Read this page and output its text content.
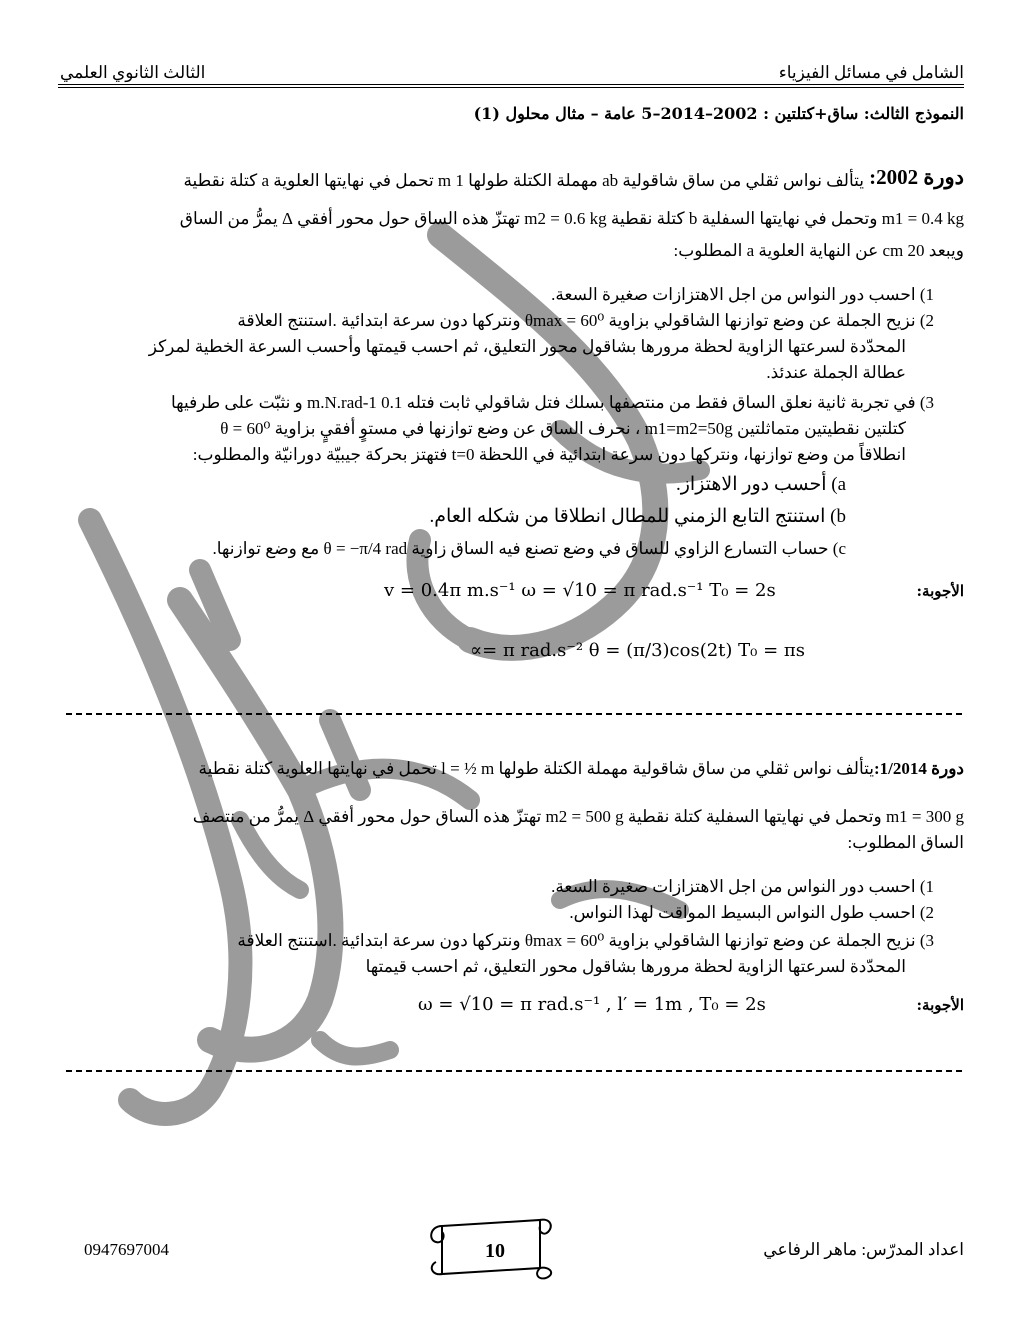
الثالث الثانوي العلمي	الشامل في مسائل الفيزياء
النموذج الثالث: ساق+كتلتين : 2002–2014–5 عامة – مثال محلول (1)
دورة 2002:
يتألف نواس ثقلي من ساق شاقولية ab مهملة الكتلة طولها 1 m تحمل في نهايتها العلوية a كتلة نقطية
m1 = 0.4 kg وتحمل في نهايتها السفلية b كتلة نقطية m2 = 0.6 kg تهتزّ هذه الساق حول محور أفقي Δ يمرُّ من الساق
ويبعد 20 cm عن النهاية العلوية a المطلوب:
1) احسب دور النواس من اجل الاهتزازات صغيرة السعة.
2) نزيح الجملة عن وضع توازنها الشاقولي بزاوية θmax = 60⁰ ونتركها دون سرعة ابتدائية .استنتج العلاقة
المحدّدة لسرعتها الزاوية لحظة مرورها بشاقول محور التعليق، ثم احسب قيمتها وأحسب السرعة الخطية لمركز
عطالة الجملة عندئذ.
3) في تجربة ثانية نعلق الساق فقط من منتصفها بسلك فتل شاقولي ثابت فتله 0.1 m.N.rad-1 و نثبّت على طرفيها
كتلتين نقطيتين متماثلتين m1=m2=50g ، نحرف الساق عن وضع توازنها في مستوٍ أفقيٍ بزاوية θ = 60⁰
انطلاقاً من وضع توازنها، ونتركها دون سرعة ابتدائية في اللحظة t=0 فتهتز بحركة جيبيّة دورانيّة والمطلوب:
a) أحسب دور الاهتزاز.
b) استنتج التابع الزمني للمطال انطلاقا من شكله العام.
c) حساب التسارع الزاوي للساق في وضع تصنع فيه الساق زاوية θ = −π/4 rad مع وضع توازنها.
الأجوبة:
v = 0.4π m.s⁻¹ ω = √10 = π rad.s⁻¹ T₀ = 2s
∝= π rad.s⁻² θ = (π/3)cos(2t) T₀ = πs
دورة 1/2014:
يتألف نواس ثقلي من ساق شاقولية مهملة الكتلة طولها l = ½ m تحمل في نهايتها العلوية كتلة نقطية
m1 = 300 g وتحمل في نهايتها السفلية كتلة نقطية m2 = 500 g تهتزّ هذه الساق حول محور أفقي Δ يمرُّ من منتصف
الساق المطلوب:
1) احسب دور النواس من اجل الاهتزازات صغيرة السعة.
2) احسب طول النواس البسيط المواقت لهذا النواس.
3) نزيح الجملة عن وضع توازنها الشاقولي بزاوية θmax = 60⁰ ونتركها دون سرعة ابتدائية .استنتج العلاقة
المحدّدة لسرعتها الزاوية لحظة مرورها بشاقول محور التعليق، ثم احسب قيمتها
الأجوبة:
ω = √10 = π rad.s⁻¹ , l′ = 1m , T₀ = 2s
0947697004	10	اعداد المدرّس: ماهر الرفاعي
